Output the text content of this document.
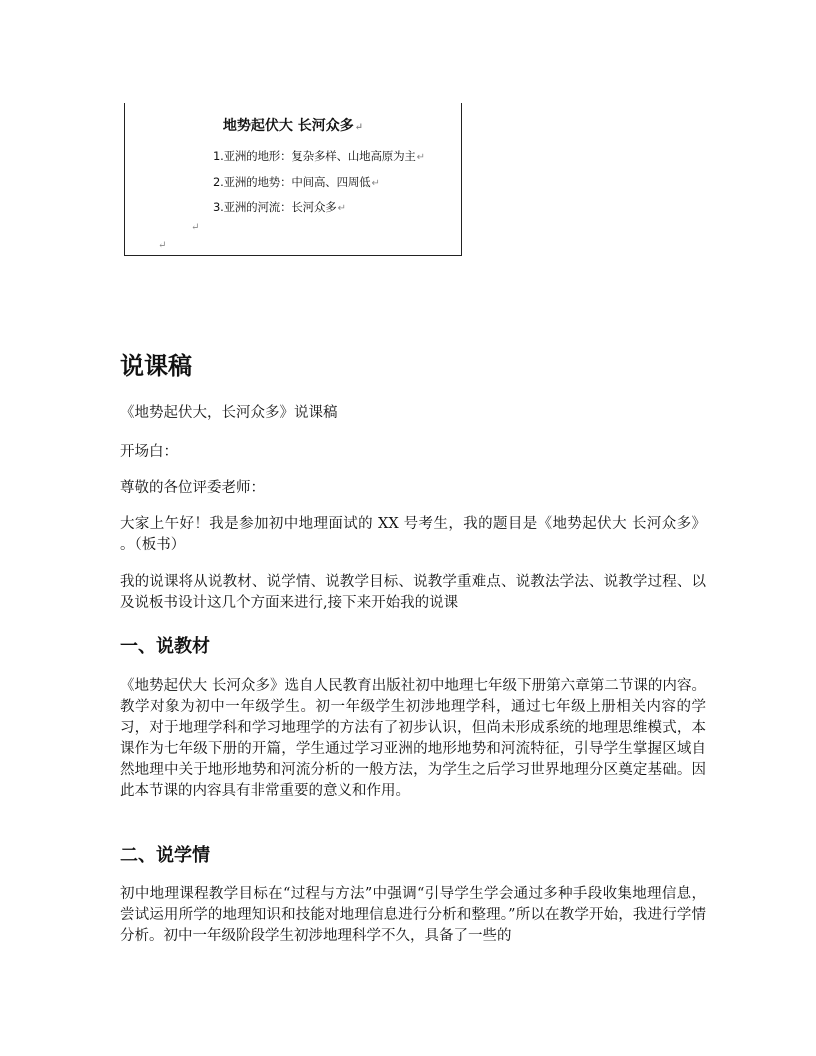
地势起伏大 长河众多↵
1.亚洲的地形：复杂多样、山地高原为主↵
2.亚洲的地势：中间高、四周低↵
3.亚洲的河流：长河众多↵
↵
↵
说课稿

《地势起伏大，长河众多》说课稿

开场白：

尊敬的各位评委老师：

大家上午好！我是参加初中地理面试的 XX 号考生，我的题目是《地势起伏大 长河众多》 。（板书）

我的说课将从说教材、说学情、说教学目标、说教学重难点、说教法学法、说教学过程、以及说板书设计这几个方面来进行,接下来开始我的说课

一、说教材

《地势起伏大 长河众多》选自人民教育出版社初中地理七年级下册第六章第二节课的内容。教学对象为初中一年级学生。初一年级学生初涉地理学科，通过七年级上册相关内容的学习，对于地理学科和学习地理学的方法有了初步认识，但尚未形成系统的地理思维模式，本课作为七年级下册的开篇，学生通过学习亚洲的地形地势和河流特征，引导学生掌握区域自然地理中关于地形地势和河流分析的一般方法，为学生之后学习世界地理分区奠定基础。因此本节课的内容具有非常重要的意义和作用。

二、说学情

初中地理课程教学目标在“过程与方法”中强调“引导学生学会通过多种手段收集地理信息，尝试运用所学的地理知识和技能对地理信息进行分析和整理。”所以在教学开始，我进行学情分析。初中一年级阶段学生初涉地理科学不久，具备了一些的
